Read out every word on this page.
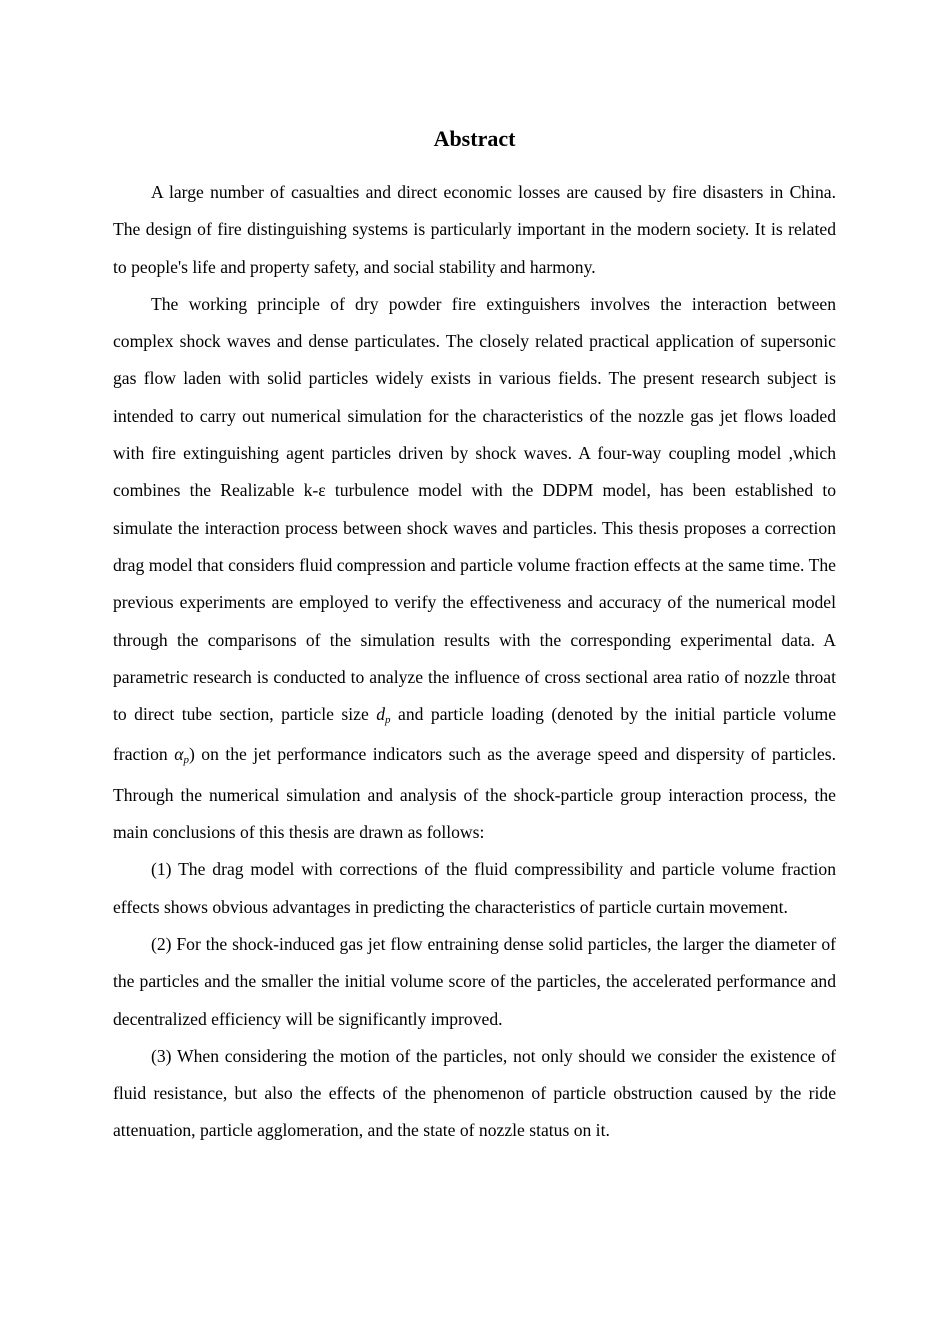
Abstract

A large number of casualties and direct economic losses are caused by fire disasters in China. The design of fire distinguishing systems is particularly important in the modern society. It is related to people's life and property safety, and social stability and harmony.

The working principle of dry powder fire extinguishers involves the interaction between complex shock waves and dense particulates. The closely related practical application of supersonic gas flow laden with solid particles widely exists in various fields. The present research subject is intended to carry out numerical simulation for the characteristics of the nozzle gas jet flows loaded with fire extinguishing agent particles driven by shock waves. A four-way coupling model ,which combines the Realizable k-ε turbulence model with the DDPM model, has been established to simulate the interaction process between shock waves and particles. This thesis proposes a correction drag model that considers fluid compression and particle volume fraction effects at the same time. The previous experiments are employed to verify the effectiveness and accuracy of the numerical model through the comparisons of the simulation results with the corresponding experimental data. A parametric research is conducted to analyze the influence of cross sectional area ratio of nozzle throat to direct tube section, particle size dp and particle loading (denoted by the initial particle volume fraction αp) on the jet performance indicators such as the average speed and dispersity of particles. Through the numerical simulation and analysis of the shock-particle group interaction process, the main conclusions of this thesis are drawn as follows:

(1) The drag model with corrections of the fluid compressibility and particle volume fraction effects shows obvious advantages in predicting the characteristics of particle curtain movement.

(2) For the shock-induced gas jet flow entraining dense solid particles, the larger the diameter of the particles and the smaller the initial volume score of the particles, the accelerated performance and decentralized efficiency will be significantly improved.

(3) When considering the motion of the particles, not only should we consider the existence of fluid resistance, but also the effects of the phenomenon of particle obstruction caused by the ride attenuation, particle agglomeration, and the state of nozzle status on it.
